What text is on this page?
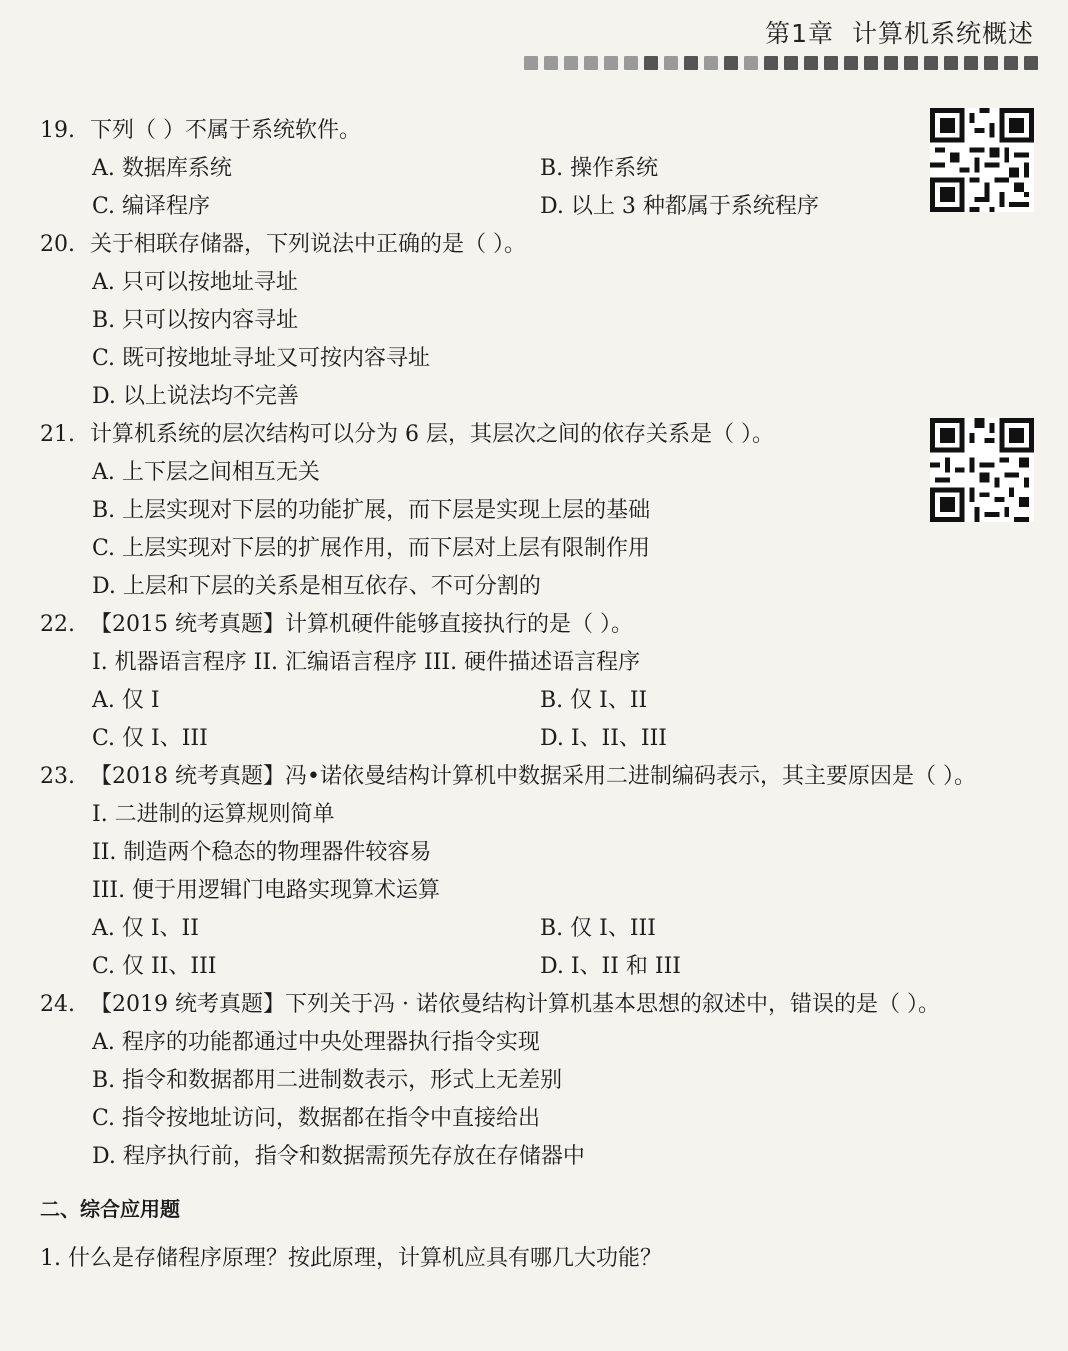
第1章 计算机系统概述
19. 下列（ ）不属于系统软件。
A. 数据库系统	B. 操作系统
C. 编译程序	D. 以上 3 种都属于系统程序
20. 关于相联存储器，下列说法中正确的是（ ）。
A. 只可以按地址寻址
B. 只可以按内容寻址
C. 既可按地址寻址又可按内容寻址
D. 以上说法均不完善
21. 计算机系统的层次结构可以分为 6 层，其层次之间的依存关系是（ ）。
A. 上下层之间相互无关
B. 上层实现对下层的功能扩展，而下层是实现上层的基础
C. 上层实现对下层的扩展作用，而下层对上层有限制作用
D. 上层和下层的关系是相互依存、不可分割的
22. 【2015 统考真题】计算机硬件能够直接执行的是（ ）。
I. 机器语言程序 II. 汇编语言程序 III. 硬件描述语言程序
A. 仅 I	B. 仅 I、II
C. 仅 I、III	D. I、II、III
23. 【2018 统考真题】冯•诺依曼结构计算机中数据采用二进制编码表示，其主要原因是（ ）。
I. 二进制的运算规则简单
II. 制造两个稳态的物理器件较容易
III. 便于用逻辑门电路实现算术运算
A. 仅 I、II	B. 仅 I、III
C. 仅 II、III	D. I、II 和 III
24. 【2019 统考真题】下列关于冯 · 诺依曼结构计算机基本思想的叙述中，错误的是（ ）。
A. 程序的功能都通过中央处理器执行指令实现
B. 指令和数据都用二进制数表示，形式上无差别
C. 指令按地址访问，数据都在指令中直接给出
D. 程序执行前，指令和数据需预先存放在存储器中
二、综合应用题
1. 什么是存储程序原理？按此原理，计算机应具有哪几大功能？
